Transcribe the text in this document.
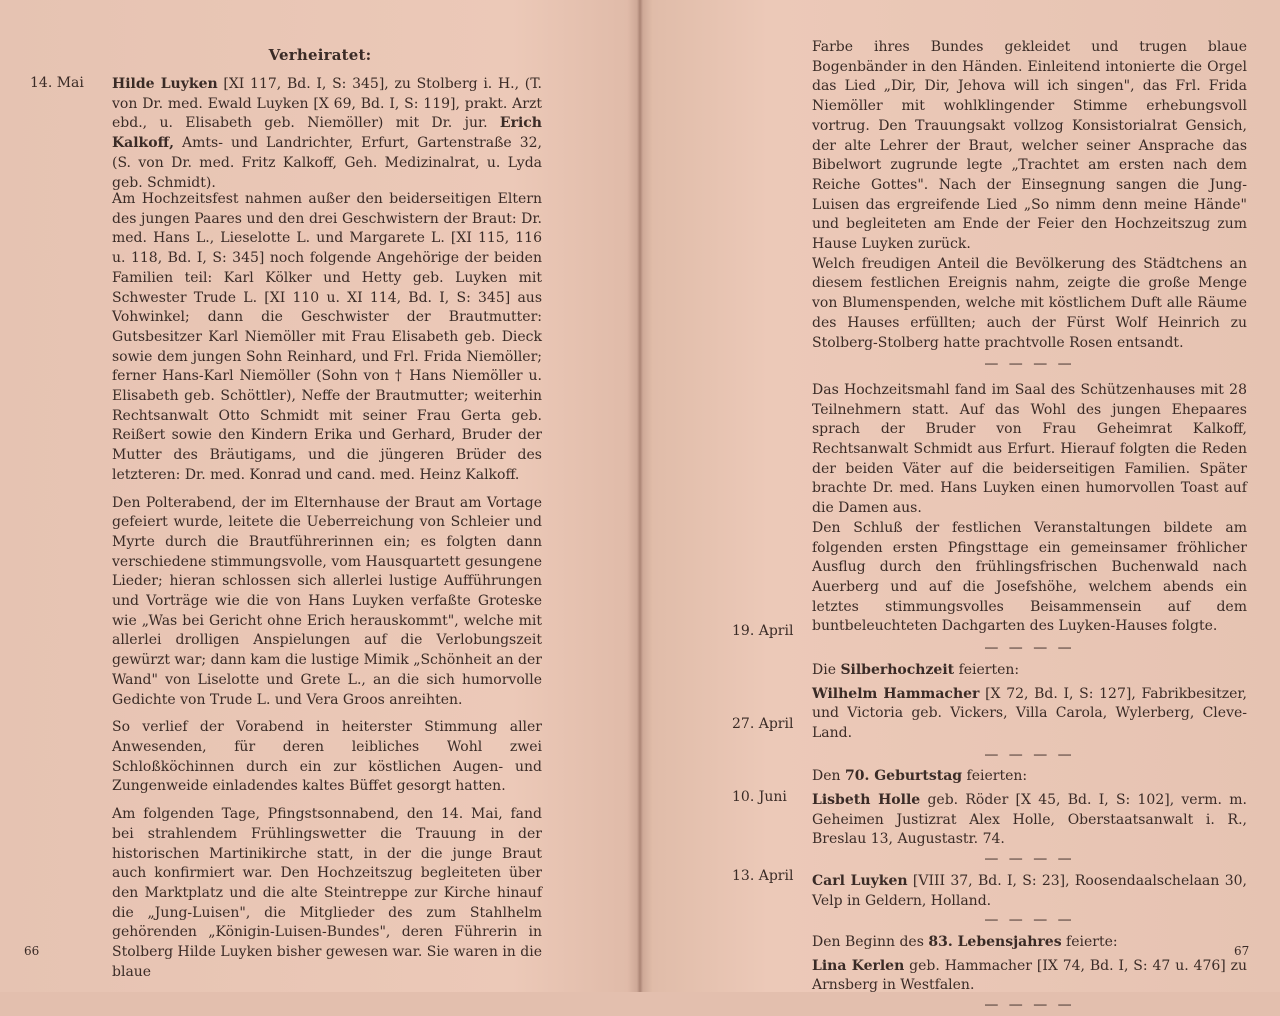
Verheiratet:
14. Mai Hilde Luyken [XI 117, Bd. I, S: 345], zu Stolberg i. H., (T. von Dr. med. Ewald Luyken [X 69, Bd. I, S: 119], prakt. Arzt ebd., u. Elisabeth geb. Niemöller) mit Dr. jur. Erich Kalkoff, Amts- und Landrichter, Erfurt, Gartenstraße 32, (S. von Dr. med. Fritz Kalkoff, Geh. Medizinalrat, u. Lyda geb. Schmidt).

Am Hochzeitsfest nahmen außer den beiderseitigen Eltern des jungen Paares und den drei Geschwistern der Braut: Dr. med. Hans L., Lieselotte L. und Margarete L. [XI 115, 116 u. 118, Bd. I, S: 345] noch folgende Angehörige der beiden Familien teil: Karl Kölker und Hetty geb. Luyken mit Schwester Trude L. [XI 110 u. XI 114, Bd. I, S: 345] aus Vohwinkel; dann die Geschwister der Brautmutter: Gutsbesitzer Karl Niemöller mit Frau Elisabeth geb. Dieck sowie dem jungen Sohn Reinhard, und Frl. Frida Niemöller; ferner Hans-Karl Niemöller (Sohn von † Hans Niemöller u. Elisabeth geb. Schöttler), Neffe der Brautmutter; weiterhin Rechtsanwalt Otto Schmidt mit seiner Frau Gerta geb. Reißert sowie den Kindern Erika und Gerhard, Bruder der Mutter des Bräutigams, und die jüngeren Brüder des letzteren: Dr. med. Konrad und cand. med. Heinz Kalkoff.

Den Polterabend, der im Elternhause der Braut am Vortage gefeiert wurde, leitete die Ueberreichung von Schleier und Myrte durch die Brautführerinnen ein; es folgten dann verschiedene stimmungsvolle, vom Hausquartett gesungene Lieder; hieran schlossen sich allerlei lustige Aufführungen und Vorträge wie die von Hans Luyken verfaßte Groteske wie „Was bei Gericht ohne Erich herauskommt", welche mit allerlei drolligen Anspielungen auf die Verlobungszeit gewürzt war; dann kam die lustige Mimik „Schönheit an der Wand" von Liselotte und Grete L., an die sich humorvolle Gedichte von Trude L. und Vera Groos anreihten.

So verlief der Vorabend in heiterster Stimmung aller Anwesenden, für deren leibliches Wohl zwei Schloßköchinnen durch ein zur köstlichen Augen- und Zungenweide einladendes kaltes Büffet gesorgt hatten.

Am folgenden Tage, Pfingstsonnabend, den 14. Mai, fand bei strahlendem Frühlingswetter die Trauung in der historischen Martinikirche statt, in der die junge Braut auch konfirmiert war. Den Hochzeitszug begleiteten über den Marktplatz und die alte Steintreppe zur Kirche hinauf die „Jung-Luisen", die Mitglieder des zum Stahlhelm gehörenden „Königin-Luisen-Bundes", deren Führerin in Stolberg Hilde Luyken bisher gewesen war. Sie waren in die blaue

66

Farbe ihres Bundes gekleidet und trugen blaue Bogenbänder in den Händen. Einleitend intonierte die Orgel das Lied „Dir, Dir, Jehova will ich singen", das Frl. Frida Niemöller mit wohlklingender Stimme erhebungsvoll vortrug. Den Trauungsakt vollzog Konsistorialrat Gensich, der alte Lehrer der Braut, welcher seiner Ansprache das Bibelwort zugrunde legte „Trachtet am ersten nach dem Reiche Gottes". Nach der Einsegnung sangen die Jung-Luisen das ergreifende Lied „So nimm denn meine Hände" und begleiteten am Ende der Feier den Hochzeitszug zum Hause Luyken zurück.

Welch freudigen Anteil die Bevölkerung des Städtchens an diesem festlichen Ereignis nahm, zeigte die große Menge von Blumenspenden, welche mit köstlichem Duft alle Räume des Hauses erfüllten; auch der Fürst Wolf Heinrich zu Stolberg-Stolberg hatte prachtvolle Rosen entsandt.

— — — —

Das Hochzeitsmahl fand im Saal des Schützenhauses mit 28 Teilnehmern statt. Auf das Wohl des jungen Ehepaares sprach der Bruder von Frau Geheimrat Kalkoff, Rechtsanwalt Schmidt aus Erfurt. Hierauf folgten die Reden der beiden Väter auf die beiderseitigen Familien. Später brachte Dr. med. Hans Luyken einen humorvollen Toast auf die Damen aus.

Den Schluß der festlichen Veranstaltungen bildete am folgenden ersten Pfingsttage ein gemeinsamer fröhlicher Ausflug durch den frühlingsfrischen Buchenwald nach Auerberg und auf die Josefshöhe, welchem abends ein letztes stimmungsvolles Beisammensein auf dem buntbeleuchteten Dachgarten des Luyken-Hauses folgte.

— — — —
Die Silberhochzeit feierten:

Wilhelm Hammacher [X 72, Bd. I, S: 127], Fabrikbesitzer, und Victoria geb. Vickers, Villa Carola, Wylerberg, Cleve-Land.

— — — —
Den 70. Geburtstag feierten:

Lisbeth Holle geb. Röder [X 45, Bd. I, S: 102], verm. m. Geheimen Justizrat Alex Holle, Oberstaatsanwalt i. R., Breslau 13, Augustastr. 74.

— — — —

Carl Luyken [VIII 37, Bd. I, S: 23], Roosendaalschelaan 30, Velp in Geldern, Holland.

— — — —
Den Beginn des 83. Lebensjahres feierte:

Lina Kerlen geb. Hammacher [IX 74, Bd. I, S: 47 u. 476] zu Arnsberg in Westfalen.

— — — —
19. April
27. April
10. Juni
13. April
67
